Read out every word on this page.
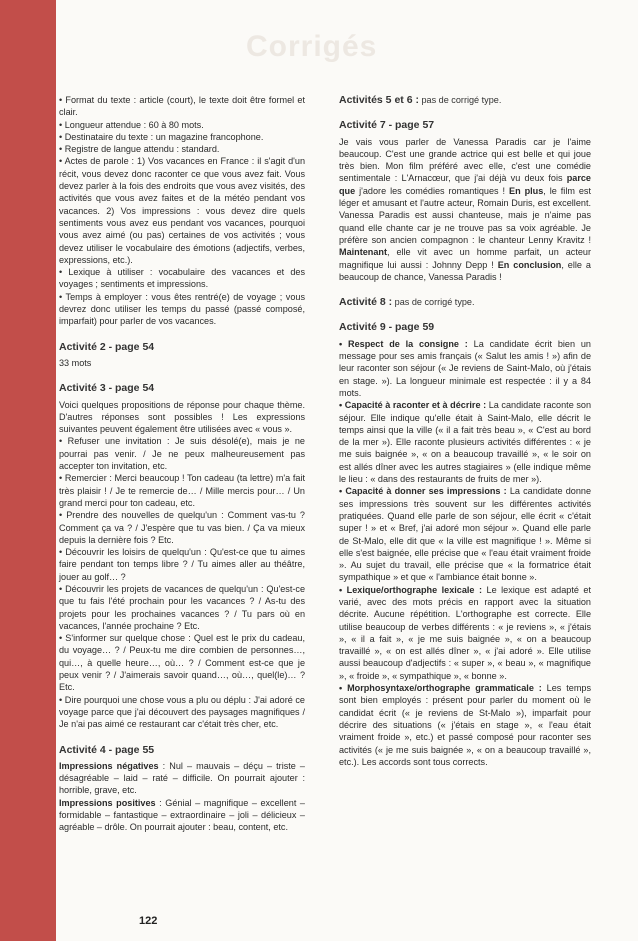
Corrigés

• Format du texte : article (court), le texte doit être formel et clair.

• Longueur attendue : 60 à 80 mots.

• Destinataire du texte : un magazine francophone.

• Registre de langue attendu : standard.

• Actes de parole : 1) Vos vacances en France : il s'agit d'un récit, vous devez donc raconter ce que vous avez fait. Vous devez parler à la fois des endroits que vous avez visités, des activités que vous avez faites et de la météo pendant vos vacances. 2) Vos impressions : vous devez dire quels sentiments vous avez eus pendant vos vacances, pourquoi vous avez aimé (ou pas) certaines de vos activités ; vous devez utiliser le vocabulaire des émotions (adjectifs, verbes, expressions, etc.).

• Lexique à utiliser : vocabulaire des vacances et des voyages ; sentiments et impressions.

• Temps à employer : vous êtes rentré(e) de voyage ; vous devrez donc utiliser les temps du passé (passé composé, imparfait) pour parler de vos vacances.

Activité 2 - page 54

33 mots

Activité 3 - page 54

Voici quelques propositions de réponse pour chaque thème. D'autres réponses sont possibles ! Les expressions suivantes peuvent également être utilisées avec « vous ».

• Refuser une invitation : Je suis désolé(e), mais je ne pourrai pas venir. / Je ne peux malheureusement pas accepter ton invitation, etc.

• Remercier : Merci beaucoup ! Ton cadeau (ta lettre) m'a fait très plaisir ! / Je te remercie de… / Mille mercis pour… / Un grand merci pour ton cadeau, etc.

• Prendre des nouvelles de quelqu'un : Comment vas-tu ? Comment ça va ? / J'espère que tu vas bien. / Ça va mieux depuis la dernière fois ? Etc.

• Découvrir les loisirs de quelqu'un : Qu'est-ce que tu aimes faire pendant ton temps libre ? / Tu aimes aller au théâtre, jouer au golf… ?

• Découvrir les projets de vacances de quelqu'un : Qu'est-ce que tu fais l'été prochain pour les vacances ? / As-tu des projets pour les prochaines vacances ? / Tu pars où en vacances, l'année prochaine ? Etc.

• S'informer sur quelque chose : Quel est le prix du cadeau, du voyage… ? / Peux-tu me dire combien de personnes…, qui…, à quelle heure…, où… ? / Comment est-ce que je peux venir ? / J'aimerais savoir quand…, où…, quel(le)… ? Etc.

• Dire pourquoi une chose vous a plu ou déplu : J'ai adoré ce voyage parce que j'ai découvert des paysages magnifiques / Je n'ai pas aimé ce restaurant car c'était très cher, etc.

Activité 4 - page 55

Impressions négatives : Nul – mauvais – déçu – triste – désagréable – laid – raté – difficile. On pourrait ajouter : horrible, grave, etc.

Impressions positives : Génial – magnifique – excellent – formidable – fantastique – extraordinaire – joli – délicieux – agréable – drôle. On pourrait ajouter : beau, content, etc.

Activités 5 et 6 : pas de corrigé type.
Activité 7 - page 57

Je vais vous parler de Vanessa Paradis car je l'aime beaucoup. C'est une grande actrice qui est belle et qui joue très bien. Mon film préféré avec elle, c'est une comédie sentimentale : L'Arnacœur, que j'ai déjà vu deux fois parce que j'adore les comédies romantiques ! En plus, le film est léger et amusant et l'autre acteur, Romain Duris, est excellent. Vanessa Paradis est aussi chanteuse, mais je n'aime pas quand elle chante car je ne trouve pas sa voix agréable. Je préfère son ancien compagnon : le chanteur Lenny Kravitz ! Maintenant, elle vit avec un homme parfait, un acteur magnifique lui aussi : Johnny Depp ! En conclusion, elle a beaucoup de chance, Vanessa Paradis !

Activité 8 : pas de corrigé type.
Activité 9 - page 59

• Respect de la consigne : La candidate écrit bien un message pour ses amis français (« Salut les amis ! ») afin de leur raconter son séjour (« Je reviens de Saint-Malo, où j'étais en stage. »). La longueur minimale est respectée : il y a 84 mots.

• Capacité à raconter et à décrire : La candidate raconte son séjour. Elle indique qu'elle était à Saint-Malo, elle décrit le temps ainsi que la ville (« il a fait très beau », « C'est au bord de la mer »). Elle raconte plusieurs activités différentes : « je me suis baignée », « on a beaucoup travaillé », « le soir on est allés dîner avec les autres stagiaires » (elle indique même le lieu : « dans des restaurants de fruits de mer »).

• Capacité à donner ses impressions : La candidate donne ses impressions très souvent sur les différentes activités pratiquées. Quand elle parle de son séjour, elle écrit « c'était super ! » et « Bref, j'ai adoré mon séjour ». Quand elle parle de St-Malo, elle dit que « la ville est magnifique ! ». Même si elle s'est baignée, elle précise que « l'eau était vraiment froide ». Au sujet du travail, elle précise que « la formatrice était sympathique » et que « l'ambiance était bonne ».

• Lexique/orthographe lexicale : Le lexique est adapté et varié, avec des mots précis en rapport avec la situation décrite. Aucune répétition. L'orthographe est correcte. Elle utilise beaucoup de verbes différents : « je reviens », « j'étais », « il a fait », « je me suis baignée », « on a beaucoup travaillé », « on est allés dîner », « j'ai adoré ». Elle utilise aussi beaucoup d'adjectifs : « super », « beau », « magnifique », « froide », « sympathique », « bonne ».

• Morphosyntaxe/orthographe grammaticale : Les temps sont bien employés : présent pour parler du moment où le candidat écrit (« je reviens de St-Malo »), imparfait pour décrire des situations (« j'étais en stage », « l'eau était vraiment froide », etc.) et passé composé pour raconter ses activités (« je me suis baignée », « on a beaucoup travaillé », etc.). Les accords sont tous corrects.

122
